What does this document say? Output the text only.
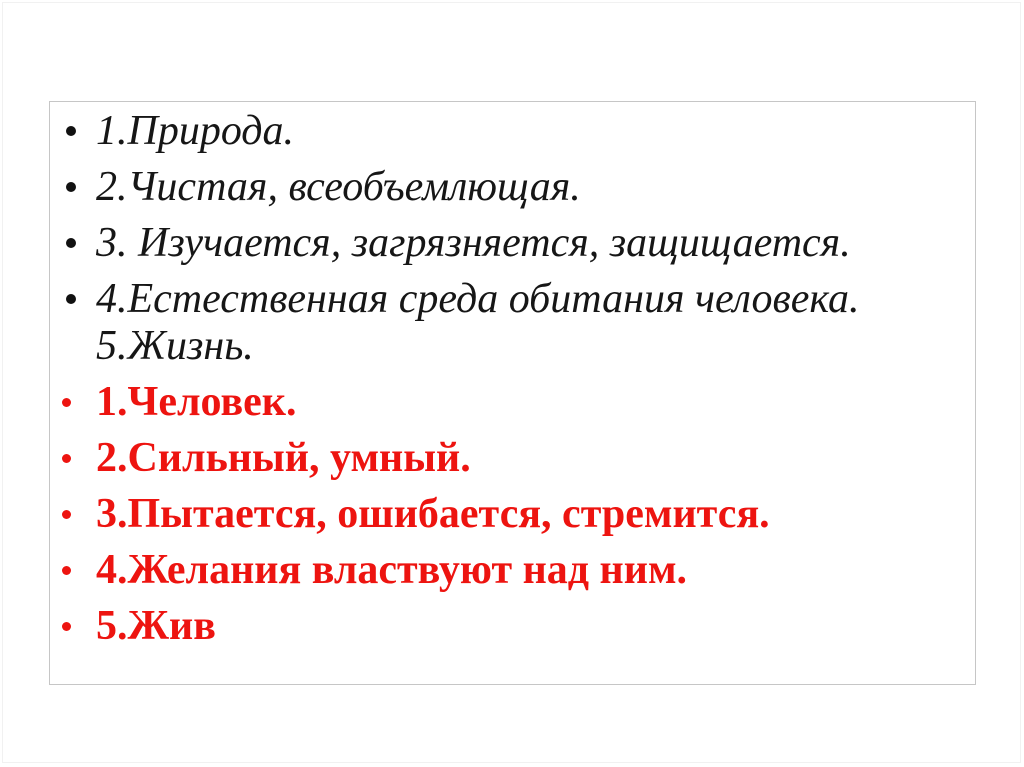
1.Природа.
2.Чистая, всеобъемлющая.
3. Изучается, загрязняется, защищается.
4.Естественная среда обитания человека.
5.Жизнь.
1.Человек.
2.Сильный, умный.
3.Пытается, ошибается, стремится.
4.Желания властвуют над ним.
5.Жив
